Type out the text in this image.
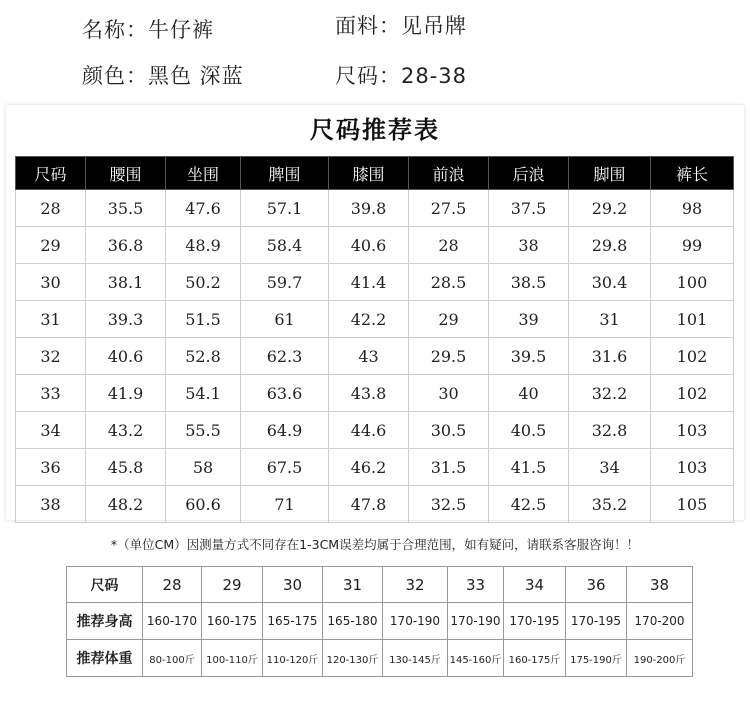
名称：牛仔裤	面料：见吊牌
颜色：黑色 深蓝	尺码：28-38
尺码推荐表
尺码	腰围	坐围	脾围	膝围	前浪	后浪	脚围	裤长
28	35.5	47.6	57.1	39.8	27.5	37.5	29.2	98
29	36.8	48.9	58.4	40.6	28	38	29.8	99
30	38.1	50.2	59.7	41.4	28.5	38.5	30.4	100
31	39.3	51.5	61	42.2	29	39	31	101
32	40.6	52.8	62.3	43	29.5	39.5	31.6	102
33	41.9	54.1	63.6	43.8	30	40	32.2	102
34	43.2	55.5	64.9	44.6	30.5	40.5	32.8	103
36	45.8	58	67.5	46.2	31.5	41.5	34	103
38	48.2	60.6	71	47.8	32.5	42.5	35.2	105
*（单位CM）因测量方式不同存在1-3CM误差均属于合理范围，如有疑问，请联系客服咨询！！
尺码	28	29	30	31	32	33	34	36	38
推荐身高	160-170	160-175	165-175	165-180	170-190	170-190	170-195	170-195	170-200
推荐体重	80-100斤	100-110斤	110-120斤	120-130斤	130-145斤	145-160斤	160-175斤	175-190斤	190-200斤
